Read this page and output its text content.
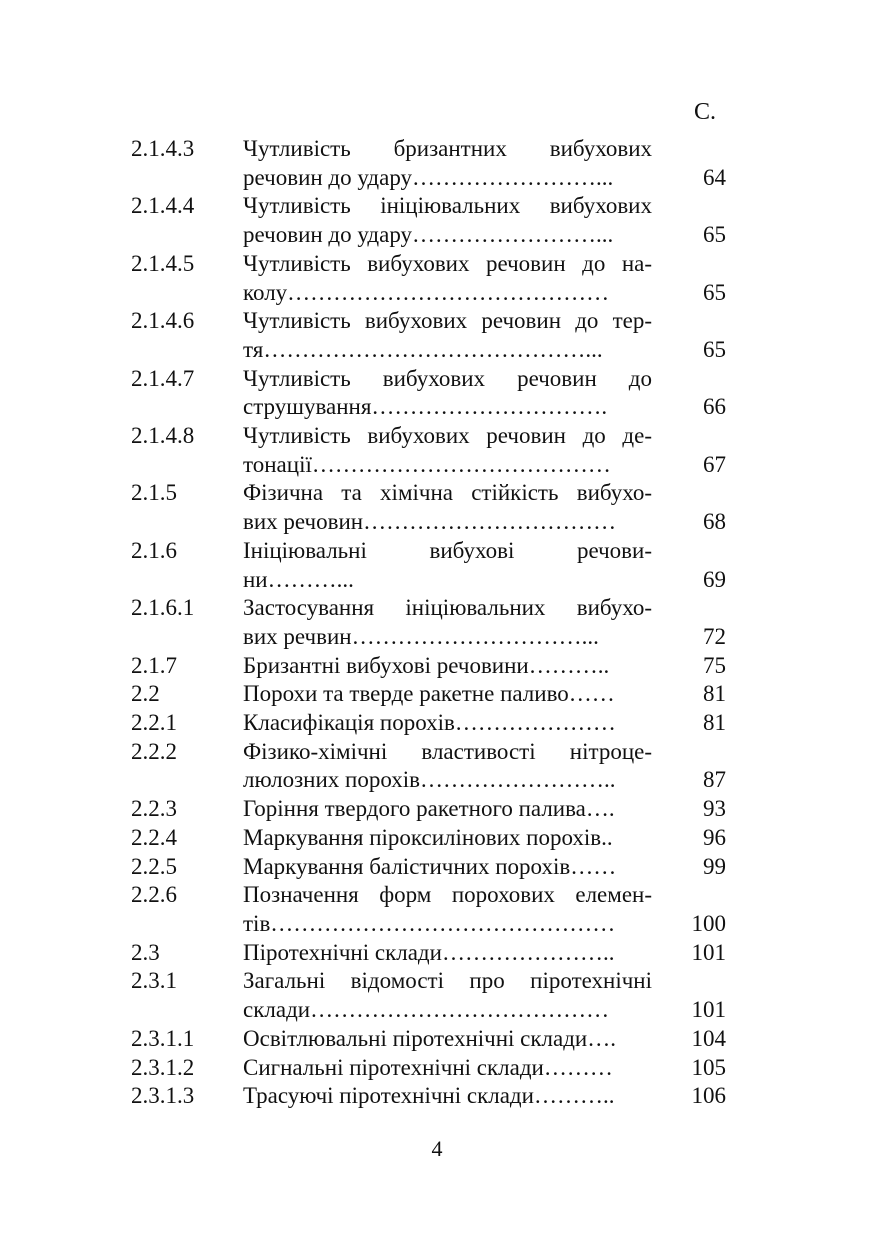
С.
2.1.4.3 Чутливість бризантних вибухових
речовин до удару……………………...	64
2.1.4.4 Чутливість ініціювальних вибухових
речовин до удару……………………...	65
2.1.4.5 Чутливість вибухових речовин до на-
колу……………………………………	65
2.1.4.6 Чутливість вибухових речовин до тер-
тя……………………………………...	65
2.1.4.7 Чутливість вибухових речовин до
струшування………………………….	66
2.1.4.8 Чутливість вибухових речовин до де-
тонації…………………………………	67
2.1.5	Фізична та хімічна стійкість вибухо-
вих речовин……………………………	68
2.1.6	Ініціювальні вибухові речови-
ни………...	69
2.1.6.1 Застосування ініціювальних вибухо-
вих речвин…………………………...	72
2.1.7	Бризантні вибухові речовини………..	75
2.2	Порохи та тверде ракетне паливо……	81
2.2.1	Класифікація порохів…………………	81
2.2.2	Фізико-хімічні властивості нітроце-
люлозних порохів……………………..	87
2.2.3	Горіння твердого ракетного палива….	93
2.2.4	Маркування піроксилінових порохів..	96
2.2.5	Маркування балістичних порохів……	99
2.2.6	Позначення форм порохових елемен-
тів………………………………………	100
2.3	Піротехнічні склади…………………..	101
2.3.1	Загальні відомості про піротехнічні
склади…………………………………	101
2.3.1.1 Освітлювальні піротехнічні склади….	104
2.3.1.2 Сигнальні піротехнічні склади………	105
2.3.1.3 Трасуючі піротехнічні склади………..	106
4
